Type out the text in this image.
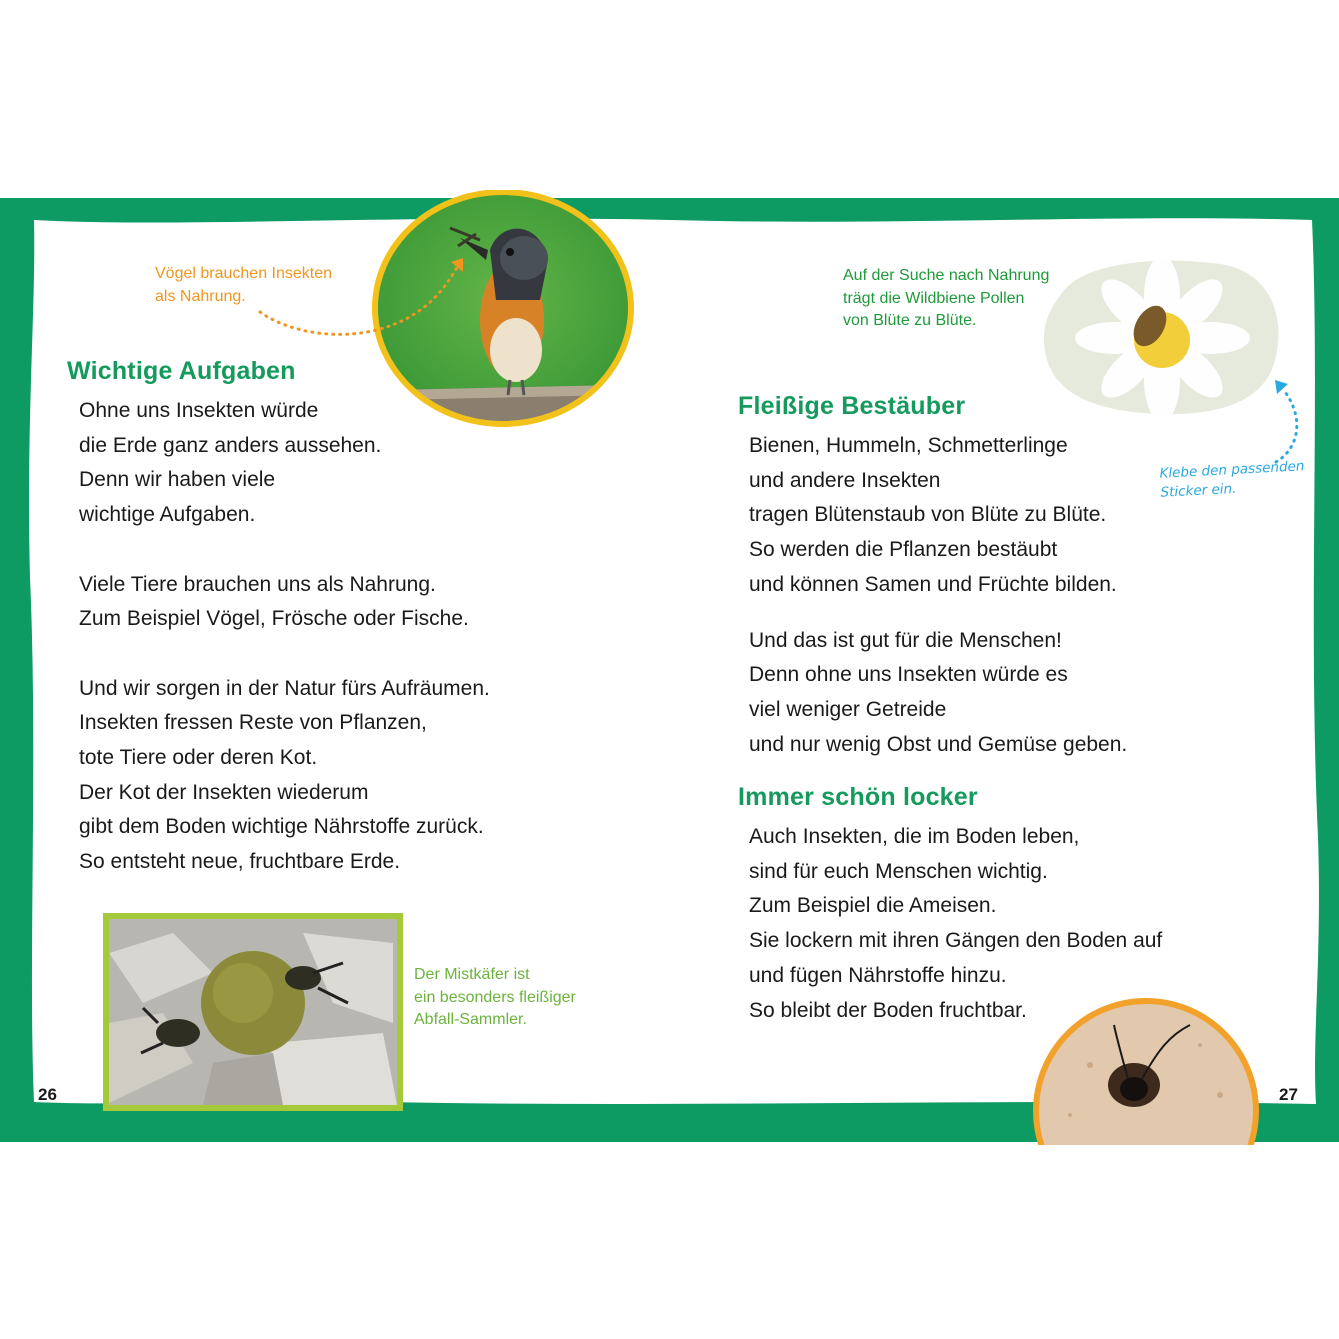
Vögel brauchen Insekten
als Nahrung.
Wichtige Aufgaben
Ohne uns Insekten würde
die Erde ganz anders aussehen.
Denn wir haben viele
wichtige Aufgaben.
Viele Tiere brauchen uns als Nahrung.
Zum Beispiel Vögel, Frösche oder Fische.
Und wir sorgen in der Natur fürs Aufräumen.
Insekten fressen Reste von Pflanzen,
tote Tiere oder deren Kot.
Der Kot der Insekten wiederum
gibt dem Boden wichtige Nährstoffe zurück.
So entsteht neue, fruchtbare Erde.
Der Mistkäfer ist
ein besonders fleißiger
Abfall-Sammler.
26
Auf der Suche nach Nahrung
trägt die Wildbiene Pollen
von Blüte zu Blüte.
Klebe den passenden
Sticker ein.
Fleißige Bestäuber
Bienen, Hummeln, Schmetterlinge
und andere Insekten
tragen Blütenstaub von Blüte zu Blüte.
So werden die Pflanzen bestäubt
und können Samen und Früchte bilden.
Und das ist gut für die Menschen!
Denn ohne uns Insekten würde es
viel weniger Getreide
und nur wenig Obst und Gemüse geben.
Immer schön locker
Auch Insekten, die im Boden leben,
sind für euch Menschen wichtig.
Zum Beispiel die Ameisen.
Sie lockern mit ihren Gängen den Boden auf
und fügen Nährstoffe hinzu.
So bleibt der Boden fruchtbar.
27
